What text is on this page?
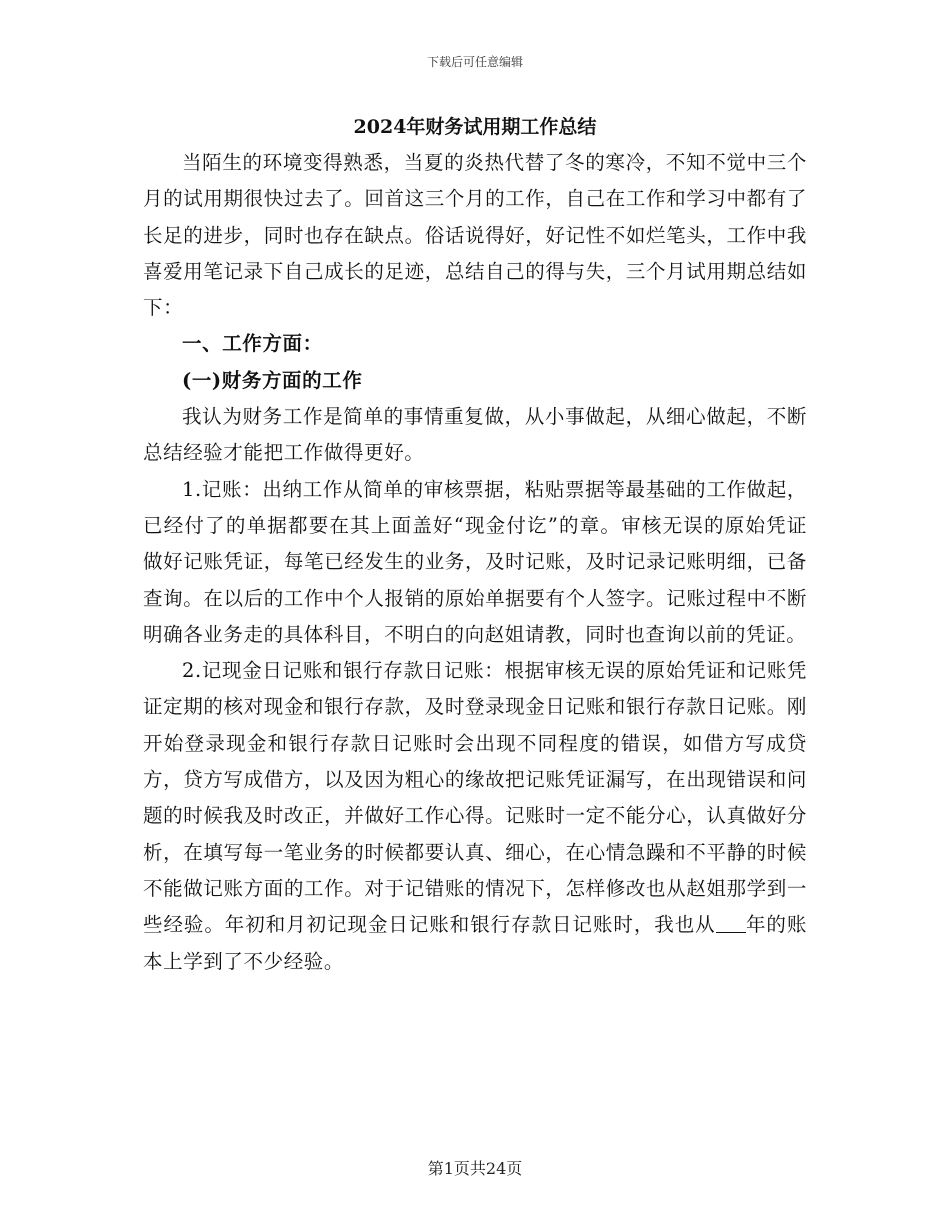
下载后可任意编辑
2024年财务试用期工作总结

当陌生的环境变得熟悉，当夏的炎热代替了冬的寒冷，不知不觉中三个月的试用期很快过去了。回首这三个月的工作，自己在工作和学习中都有了长足的进步，同时也存在缺点。俗话说得好，好记性不如烂笔头，工作中我喜爱用笔记录下自己成长的足迹，总结自己的得与失，三个月试用期总结如下：

一、工作方面：

(一)财务方面的工作

我认为财务工作是简单的事情重复做，从小事做起，从细心做起，不断总结经验才能把工作做得更好。

1.记账：出纳工作从简单的审核票据，粘贴票据等最基础的工作做起，已经付了的单据都要在其上面盖好“现金付讫”的章。审核无误的原始凭证做好记账凭证，每笔已经发生的业务，及时记账，及时记录记账明细，已备查询。在以后的工作中个人报销的原始单据要有个人签字。记账过程中不断明确各业务走的具体科目，不明白的向赵姐请教，同时也查询以前的凭证。

2.记现金日记账和银行存款日记账：根据审核无误的原始凭证和记账凭证定期的核对现金和银行存款，及时登录现金日记账和银行存款日记账。刚开始登录现金和银行存款日记账时会出现不同程度的错误，如借方写成贷方，贷方写成借方，以及因为粗心的缘故把记账凭证漏写，在出现错误和问题的时候我及时改正，并做好工作心得。记账时一定不能分心，认真做好分析，在填写每一笔业务的时候都要认真、细心，在心情急躁和不平静的时候不能做记账方面的工作。对于记错账的情况下，怎样修改也从赵姐那学到一些经验。年初和月初记现金日记账和银行存款日记账时，我也从 年的账本上学到了不少经验。

第1页共24页
